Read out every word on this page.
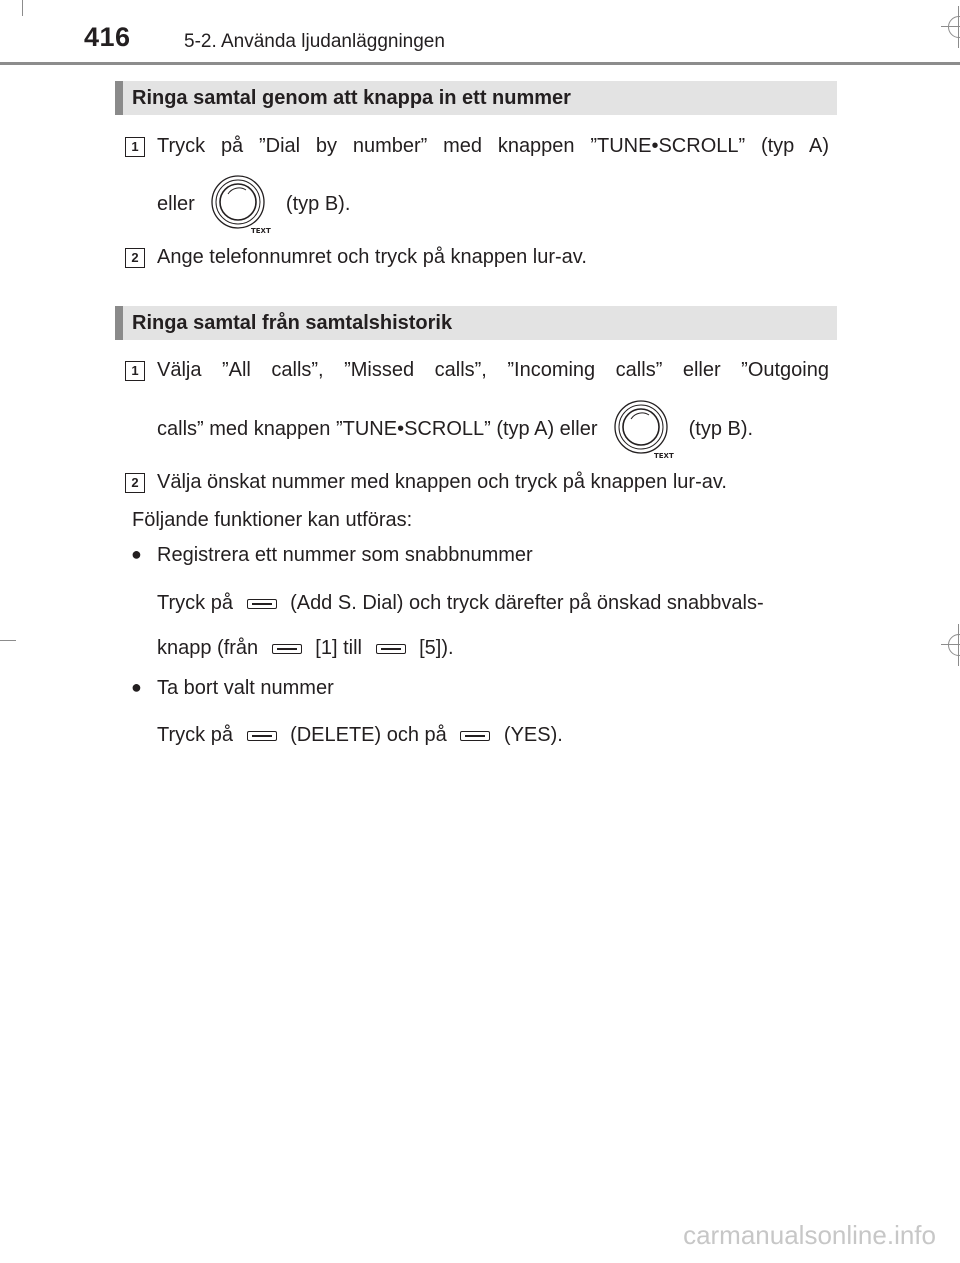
416	5-2. Använda ljudanläggningen
Ringa samtal genom att knappa in ett nummer
1 Tryck på ”Dial by number” med knappen ”TUNE•SCROLL” (typ A)
eller
TEXT
(typ B).
2 Ange telefonnumret och tryck på knappen lur-av.
Ringa samtal från samtalshistorik
1 Välja ”All calls”, ”Missed calls”, ”Incoming calls” eller ”Outgoing
calls” med knappen ”TUNE•SCROLL” (typ A) eller
TEXT
(typ B).
2 Välja önskat nummer med knappen och tryck på knappen lur-av.
Följande funktioner kan utföras:
● Registrera ett nummer som snabbnummer
Tryck på	(Add S. Dial) och tryck därefter på önskad snabbvals-
knapp (från	[1] till	[5]).
● Ta bort valt nummer
Tryck på	(DELETE) och på	(YES).
carmanualsonline.info
